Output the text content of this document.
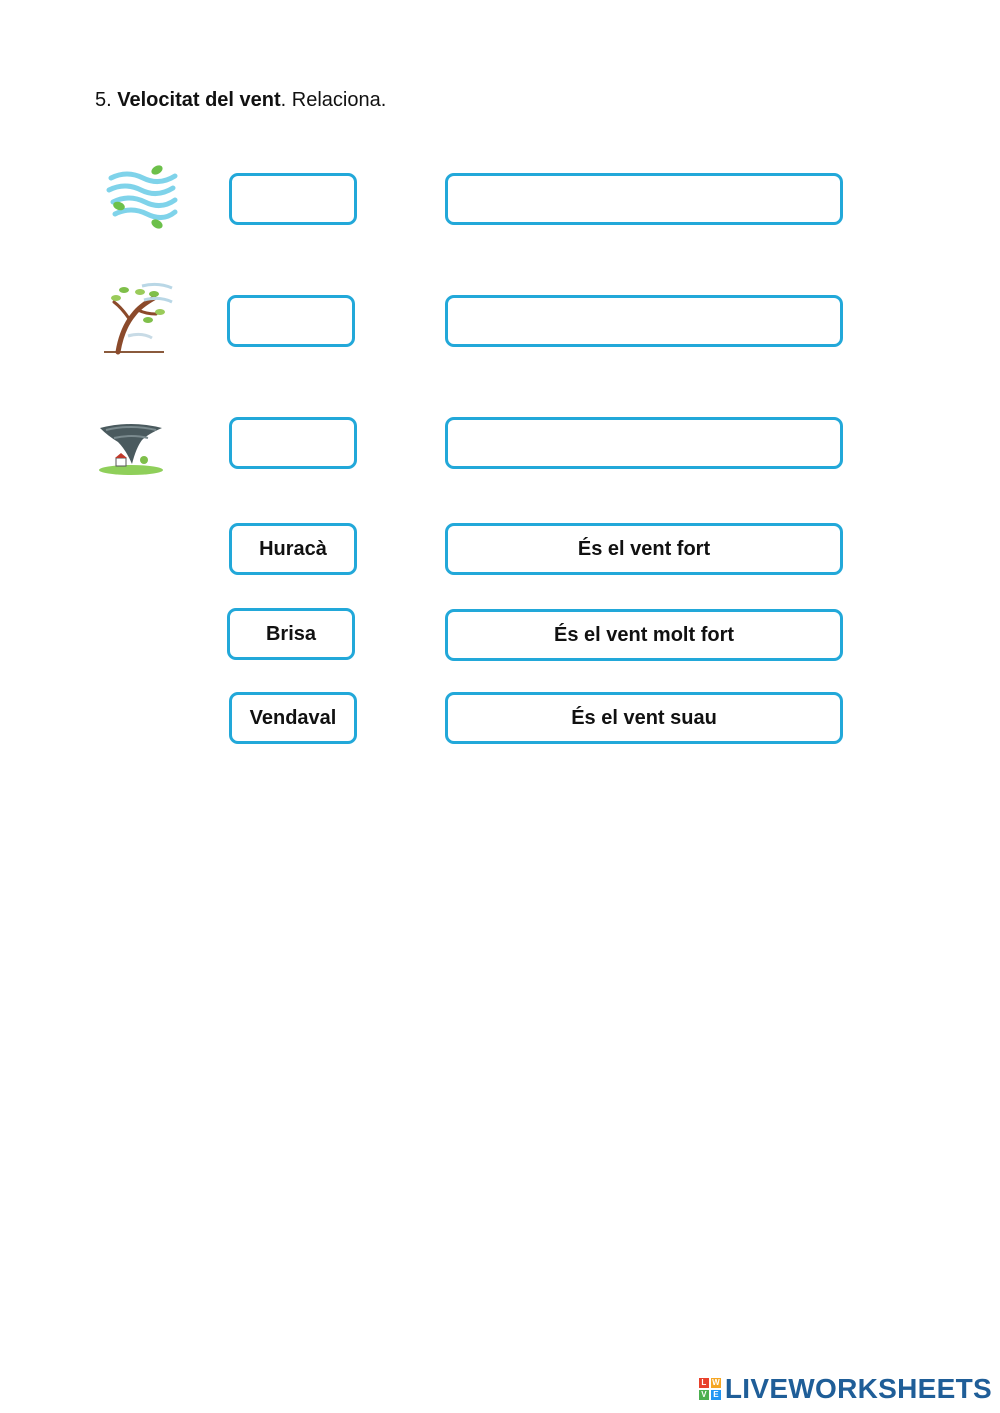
5. Velocitat del vent. Relaciona.
Huracà	És el vent fort
Brisa	És el vent molt fort
Vendaval	És el vent suau
L W
V E LIVEWORKSHEETS
